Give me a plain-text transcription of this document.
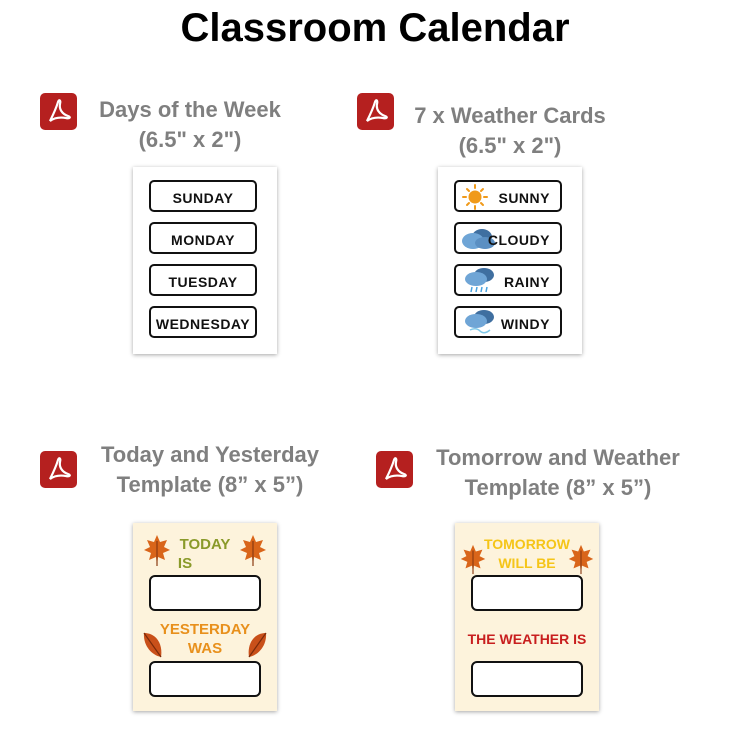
Classroom Calendar
Days of the Week
(6.5" x 2")
SUNDAY
MONDAY
TUESDAY
WEDNESDAY
7 x Weather Cards
(6.5" x 2")
SUNNY
CLOUDY
RAINY
WINDY
Today and Yesterday
Template (8” x 5”)
TODAY
IS
YESTERDAY
WAS
Tomorrow and Weather
Template (8” x 5”)
TOMORROW
WILL BE
THE WEATHER IS
